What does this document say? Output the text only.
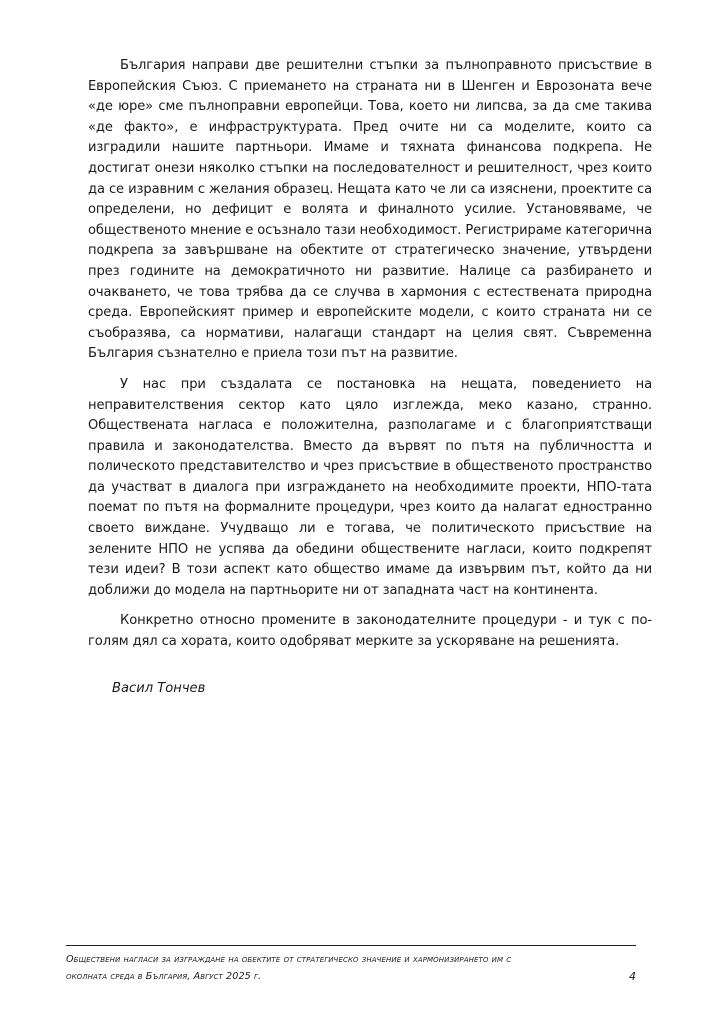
България направи две решителни стъпки за пълноправното присъствие в Европейския Съюз. С приемането на страната ни в Шенген и Еврозоната вече «де юре» сме пълноправни европейци. Това, което ни липсва, за да сме такива «де факто», е инфраструктурата. Пред очите ни са моделите, които са изградили нашите партньори. Имаме и тяхната финансова подкрепа. Не достигат онези няколко стъпки на последователност и решителност, чрез които да се изравним с желания образец. Нещата като че ли са изяснени, проектите са определени, но дефицит е волята и финалното усилие. Установяваме, че общественото мнение е осъзнало тази необходимост. Регистрираме категорична подкрепа за завършване на обектите от стратегическо значение, утвърдени през годините на демократичното ни развитие. Налице са разбирането и очакването, че това трябва да се случва в хармония с естествената природна среда. Европейският пример и европейските модели, с които страната ни се съобразява, са нормативи, налагащи стандарт на целия свят. Съвременна България съзнателно е приела този път на развитие.

У нас при създалата се постановка на нещата, поведението на неправителствения сектор като цяло изглежда, меко казано, странно. Обществената нагласа е положителна, разполагаме и с благоприятстващи правила и законодателства. Вместо да вървят по пътя на публичността и полическото представителство и чрез присъствие в общественото пространство да участват в диалога при изграждането на необходимите проекти, НПО-тата поемат по пътя на формалните процедури, чрез които да налагат едностранно своето виждане. Учудващо ли е тогава, че политическото присъствие на зелените НПО не успява да обедини обществените нагласи, които подкрепят тези идеи? В този аспект като общество имаме да извървим път, който да ни доближи до модела на партньорите ни от западната част на континента.

Конкретно относно промените в законодателните процедури - и тук с по-голям дял са хората, които одобряват мерките за ускоряване на решенията.

Васил Тончев
Обществени нагласи за изграждане на обектите от стратегическо значение и хармонизирането им с
околната среда в България, Август 2025 г.	4
